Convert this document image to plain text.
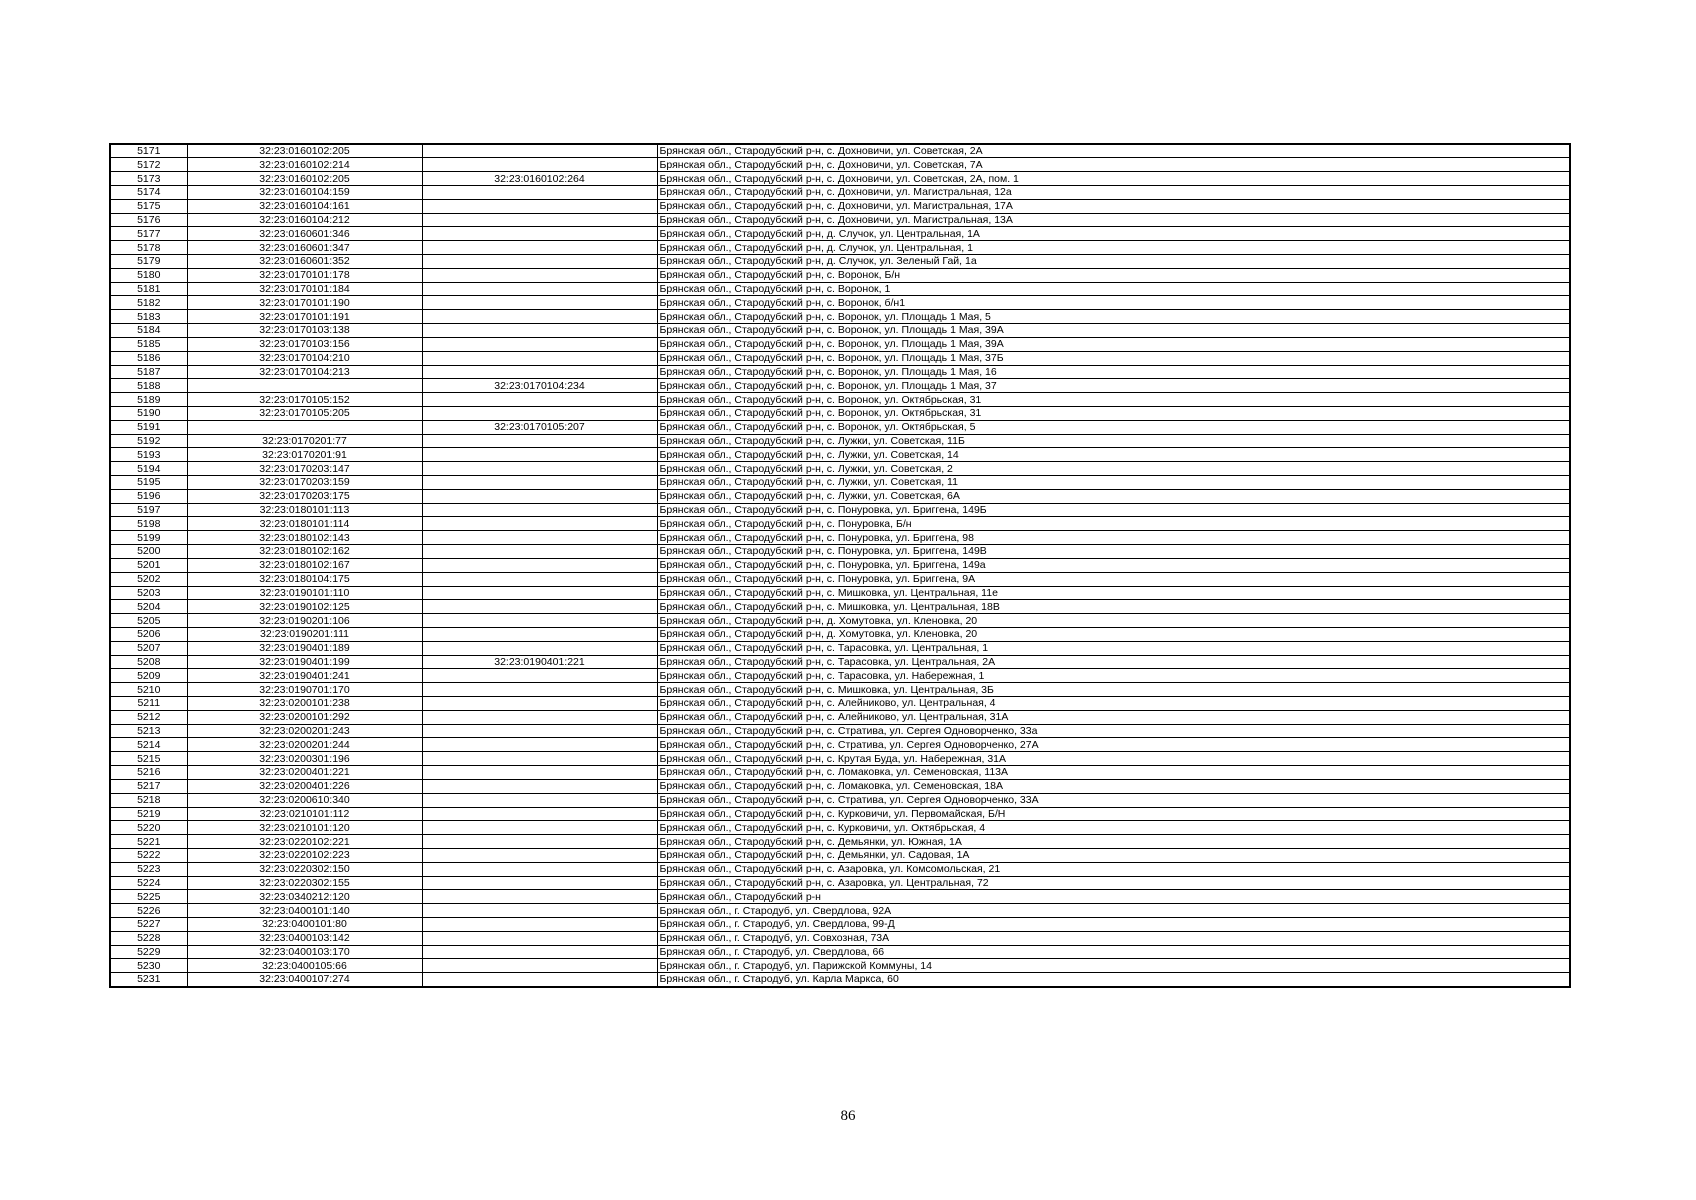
5171	32:23:0160102:205		Брянская обл., Стародубский р-н, с. Дохновичи, ул. Советская, 2А
5172	32:23:0160102:214		Брянская обл., Стародубский р-н, с. Дохновичи, ул. Советская, 7А
5173	32:23:0160102:205	32:23:0160102:264	Брянская обл., Стародубский р-н, с. Дохновичи, ул. Советская, 2А, пом. 1
5174	32:23:0160104:159		Брянская обл., Стародубский р-н, с. Дохновичи, ул. Магистральная, 12а
5175	32:23:0160104:161		Брянская обл., Стародубский р-н, с. Дохновичи, ул. Магистральная, 17А
5176	32:23:0160104:212		Брянская обл., Стародубский р-н, с. Дохновичи, ул. Магистральная, 13А
5177	32:23:0160601:346		Брянская обл., Стародубский р-н, д. Случок, ул. Центральная, 1А
5178	32:23:0160601:347		Брянская обл., Стародубский р-н, д. Случок, ул. Центральная, 1
5179	32:23:0160601:352		Брянская обл., Стародубский р-н, д. Случок, ул. Зеленый Гай, 1а
5180	32:23:0170101:178		Брянская обл., Стародубский р-н, с. Воронок, Б/н
5181	32:23:0170101:184		Брянская обл., Стародубский р-н, с. Воронок, 1
5182	32:23:0170101:190		Брянская обл., Стародубский р-н, с. Воронок, б/н1
5183	32:23:0170101:191		Брянская обл., Стародубский р-н, с. Воронок, ул. Площадь 1 Мая, 5
5184	32:23:0170103:138		Брянская обл., Стародубский р-н, с. Воронок, ул. Площадь 1 Мая, 39А
5185	32:23:0170103:156		Брянская обл., Стародубский р-н, с. Воронок, ул. Площадь 1 Мая, 39А
5186	32:23:0170104:210		Брянская обл., Стародубский р-н, с. Воронок, ул. Площадь 1 Мая, 37Б
5187	32:23:0170104:213		Брянская обл., Стародубский р-н, с. Воронок, ул. Площадь 1 Мая, 16
5188		32:23:0170104:234	Брянская обл., Стародубский р-н, с. Воронок, ул. Площадь 1 Мая, 37
5189	32:23:0170105:152		Брянская обл., Стародубский р-н, с. Воронок, ул. Октябрьская, 31
5190	32:23:0170105:205		Брянская обл., Стародубский р-н, с. Воронок, ул. Октябрьская, 31
5191		32:23:0170105:207	Брянская обл., Стародубский р-н, с. Воронок, ул. Октябрьская, 5
5192	32:23:0170201:77		Брянская обл., Стародубский р-н, с. Лужки, ул. Советская, 11Б
5193	32:23:0170201:91		Брянская обл., Стародубский р-н, с. Лужки, ул. Советская, 14
5194	32:23:0170203:147		Брянская обл., Стародубский р-н, с. Лужки, ул. Советская, 2
5195	32:23:0170203:159		Брянская обл., Стародубский р-н, с. Лужки, ул. Советская, 11
5196	32:23:0170203:175		Брянская обл., Стародубский р-н, с. Лужки, ул. Советская, 6А
5197	32:23:0180101:113		Брянская обл., Стародубский р-н, с. Понуровка, ул. Бриггена, 149Б
5198	32:23:0180101:114		Брянская обл., Стародубский р-н, с. Понуровка, Б/н
5199	32:23:0180102:143		Брянская обл., Стародубский р-н, с. Понуровка, ул. Бриггена, 98
5200	32:23:0180102:162		Брянская обл., Стародубский р-н, с. Понуровка, ул. Бриггена, 149В
5201	32:23:0180102:167		Брянская обл., Стародубский р-н, с. Понуровка, ул. Бриггена, 149а
5202	32:23:0180104:175		Брянская обл., Стародубский р-н, с. Понуровка, ул. Бриггена, 9А
5203	32:23:0190101:110		Брянская обл., Стародубский р-н, с. Мишковка, ул. Центральная, 11е
5204	32:23:0190102:125		Брянская обл., Стародубский р-н, с. Мишковка, ул. Центральная, 18В
5205	32:23:0190201:106		Брянская обл., Стародубский р-н, д. Хомутовка, ул. Кленовка, 20
5206	32:23:0190201:111		Брянская обл., Стародубский р-н, д. Хомутовка, ул. Кленовка, 20
5207	32:23:0190401:189		Брянская обл., Стародубский р-н, с. Тарасовка, ул. Центральная, 1
5208	32:23:0190401:199	32:23:0190401:221	Брянская обл., Стародубский р-н, с. Тарасовка, ул. Центральная, 2А
5209	32:23:0190401:241		Брянская обл., Стародубский р-н, с. Тарасовка, ул. Набережная, 1
5210	32:23:0190701:170		Брянская обл., Стародубский р-н, с. Мишковка, ул. Центральная, 3Б
5211	32:23:0200101:238		Брянская обл., Стародубский р-н, с. Алейниково, ул. Центральная, 4
5212	32:23:0200101:292		Брянская обл., Стародубский р-н, с. Алейниково, ул. Центральная, 31А
5213	32:23:0200201:243		Брянская обл., Стародубский р-н, с. Стратива, ул. Сергея Одноворченко, 33а
5214	32:23:0200201:244		Брянская обл., Стародубский р-н, с. Стратива, ул. Сергея Одноворченко, 27А
5215	32:23:0200301:196		Брянская обл., Стародубский р-н, с. Крутая Буда, ул. Набережная, 31А
5216	32:23:0200401:221		Брянская обл., Стародубский р-н, с. Ломаковка, ул. Семеновская, 113А
5217	32:23:0200401:226		Брянская обл., Стародубский р-н, с. Ломаковка, ул. Семеновская, 18А
5218	32:23:0200610:340		Брянская обл., Стародубский р-н, с. Стратива, ул. Сергея Одноворченко, 33А
5219	32:23:0210101:112		Брянская обл., Стародубский р-н, с. Курковичи, ул. Первомайская, Б/Н
5220	32:23:0210101:120		Брянская обл., Стародубский р-н, с. Курковичи, ул. Октябрьская, 4
5221	32:23:0220102:221		Брянская обл., Стародубский р-н, с. Демьянки, ул. Южная, 1А
5222	32:23:0220102:223		Брянская обл., Стародубский р-н, с. Демьянки, ул. Садовая, 1А
5223	32:23:0220302:150		Брянская обл., Стародубский р-н, с. Азаровка, ул. Комсомольская, 21
5224	32:23:0220302:155		Брянская обл., Стародубский р-н, с. Азаровка, ул. Центральная, 72
5225	32:23:0340212:120		Брянская обл., Стародубский р-н
5226	32:23:0400101:140		Брянская обл., г. Стародуб, ул. Свердлова, 92А
5227	32:23:0400101:80		Брянская обл., г. Стародуб, ул. Свердлова, 99-Д
5228	32:23:0400103:142		Брянская обл., г. Стародуб, ул. Совхозная, 73А
5229	32:23:0400103:170		Брянская обл., г. Стародуб, ул. Свердлова, 66
5230	32:23:0400105:66		Брянская обл., г. Стародуб, ул. Парижской Коммуны, 14
5231	32:23:0400107:274		Брянская обл., г. Стародуб, ул. Карла Маркса, 60
86
